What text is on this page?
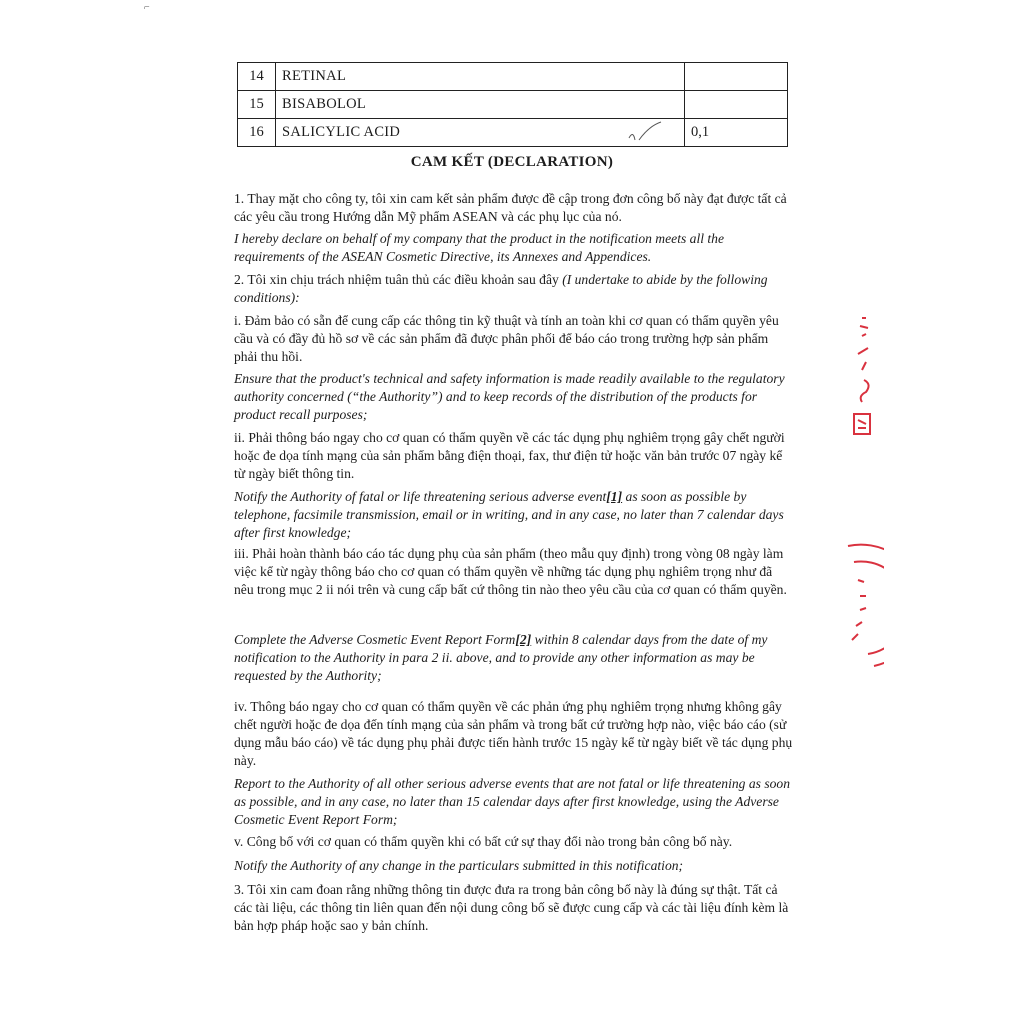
⌐
14	RETINAL	
15	BISABOLOL	
16	SALICYLIC ACID	0,1
CAM KẾT (DECLARATION)

1. Thay mặt cho công ty, tôi xin cam kết sản phẩm được đề cập trong đơn công bố này đạt được tất cả các yêu cầu trong Hướng dẫn Mỹ phẩm ASEAN và các phụ lục của nó.

I hereby declare on behalf of my company that the product in the notification meets all the requirements of the ASEAN Cosmetic Directive, its Annexes and Appendices.

2. Tôi xin chịu trách nhiệm tuân thủ các điều khoản sau đây (I undertake to abide by the following conditions):

i. Đảm bảo có sẵn để cung cấp các thông tin kỹ thuật và tính an toàn khi cơ quan có thẩm quyền yêu cầu và có đầy đủ hồ sơ về các sản phẩm đã được phân phối để báo cáo trong trường hợp sản phẩm phải thu hồi.

Ensure that the product's technical and safety information is made readily available to the regulatory authority concerned (“the Authority”) and to keep records of the distribution of the products for product recall purposes;

ii. Phải thông báo ngay cho cơ quan có thẩm quyền về các tác dụng phụ nghiêm trọng gây chết người hoặc đe dọa tính mạng của sản phẩm bằng điện thoại, fax, thư điện tử hoặc văn bản trước 07 ngày kể từ ngày biết thông tin.

Notify the Authority of fatal or life threatening serious adverse event[1] as soon as possible by telephone, facsimile transmission, email or in writing, and in any case, no later than 7 calendar days after first knowledge;

iii. Phải hoàn thành báo cáo tác dụng phụ của sản phẩm (theo mẫu quy định) trong vòng 08 ngày làm việc kể từ ngày thông báo cho cơ quan có thẩm quyền về những tác dụng phụ nghiêm trọng như đã nêu trong mục 2 ii nói trên và cung cấp bất cứ thông tin nào theo yêu cầu của cơ quan có thẩm quyền.

Complete the Adverse Cosmetic Event Report Form[2] within 8 calendar days from the date of my notification to the Authority in para 2 ii. above, and to provide any other information as may be requested by the Authority;

iv. Thông báo ngay cho cơ quan có thẩm quyền về các phản ứng phụ nghiêm trọng nhưng không gây chết người hoặc đe dọa đến tính mạng của sản phẩm và trong bất cứ trường hợp nào, việc báo cáo (sử dụng mẫu báo cáo) về tác dụng phụ phải được tiến hành trước 15 ngày kể từ ngày biết về tác dụng phụ này.

Report to the Authority of all other serious adverse events that are not fatal or life threatening as soon as possible, and in any case, no later than 15 calendar days after first knowledge, using the Adverse Cosmetic Event Report Form;

v. Công bố với cơ quan có thẩm quyền khi có bất cứ sự thay đổi nào trong bản công bố này.

Notify the Authority of any change in the particulars submitted in this notification;

3. Tôi xin cam đoan rằng những thông tin được đưa ra trong bản công bố này là đúng sự thật. Tất cả các tài liệu, các thông tin liên quan đến nội dung công bố sẽ được cung cấp và các tài liệu đính kèm là bản hợp pháp hoặc sao y bản chính.
